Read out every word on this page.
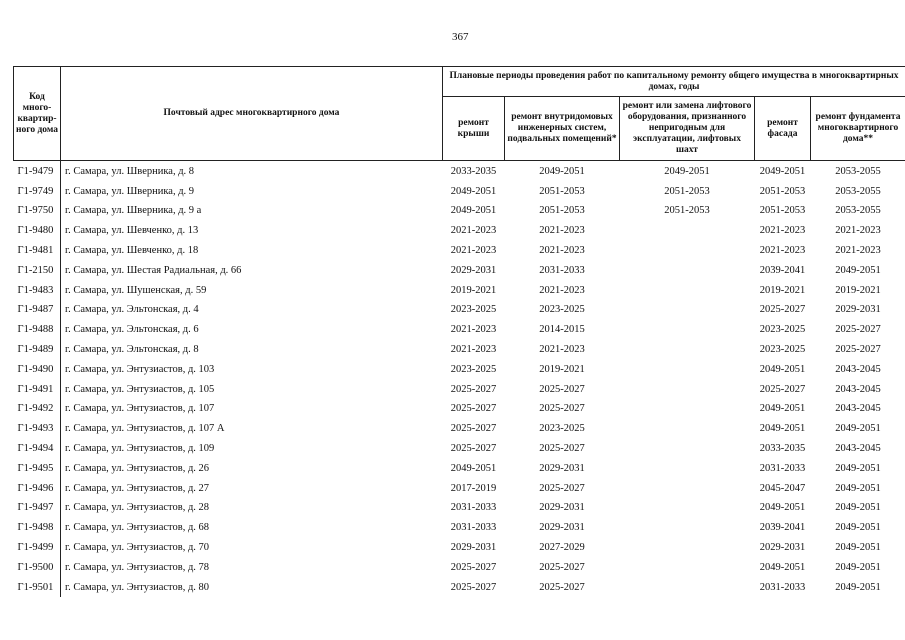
367
Код много-квартир-ного дома	Почтовый адрес многоквартирного дома	Плановые периоды проведения работ по капитальному ремонту общего имущества в многоквартирных домах, годы				
		ремонт крыши	ремонт внутридомовых инженерных систем, подвальных помещений*	ремонт или замена лифтового оборудования, признанного непригодным для эксплуатации, лифтовых шахт	ремонт фасада	ремонт фундамента многоквартирного дома**
Г1-9479	г. Самара, ул. Шверника, д. 8	2033-2035	2049-2051	2049-2051	2049-2051	2053-2055
Г1-9749	г. Самара, ул. Шверника, д. 9	2049-2051	2051-2053	2051-2053	2051-2053	2053-2055
Г1-9750	г. Самара, ул. Шверника, д. 9 а	2049-2051	2051-2053	2051-2053	2051-2053	2053-2055
Г1-9480	г. Самара, ул. Шевченко, д. 13	2021-2023	2021-2023		2021-2023	2021-2023
Г1-9481	г. Самара, ул. Шевченко, д. 18	2021-2023	2021-2023		2021-2023	2021-2023
Г1-2150	г. Самара, ул. Шестая Радиальная, д. 66	2029-2031	2031-2033		2039-2041	2049-2051
Г1-9483	г. Самара, ул. Шушенская, д. 59	2019-2021	2021-2023		2019-2021	2019-2021
Г1-9487	г. Самара, ул. Эльтонская, д. 4	2023-2025	2023-2025		2025-2027	2029-2031
Г1-9488	г. Самара, ул. Эльтонская, д. 6	2021-2023	2014-2015		2023-2025	2025-2027
Г1-9489	г. Самара, ул. Эльтонская, д. 8	2021-2023	2021-2023		2023-2025	2025-2027
Г1-9490	г. Самара, ул. Энтузиастов, д. 103	2023-2025	2019-2021		2049-2051	2043-2045
Г1-9491	г. Самара, ул. Энтузиастов, д. 105	2025-2027	2025-2027		2025-2027	2043-2045
Г1-9492	г. Самара, ул. Энтузиастов, д. 107	2025-2027	2025-2027		2049-2051	2043-2045
Г1-9493	г. Самара, ул. Энтузиастов, д. 107 А	2025-2027	2023-2025		2049-2051	2049-2051
Г1-9494	г. Самара, ул. Энтузиастов, д. 109	2025-2027	2025-2027		2033-2035	2043-2045
Г1-9495	г. Самара, ул. Энтузиастов, д. 26	2049-2051	2029-2031		2031-2033	2049-2051
Г1-9496	г. Самара, ул. Энтузиастов, д. 27	2017-2019	2025-2027		2045-2047	2049-2051
Г1-9497	г. Самара, ул. Энтузиастов, д. 28	2031-2033	2029-2031		2049-2051	2049-2051
Г1-9498	г. Самара, ул. Энтузиастов, д. 68	2031-2033	2029-2031		2039-2041	2049-2051
Г1-9499	г. Самара, ул. Энтузиастов, д. 70	2029-2031	2027-2029		2029-2031	2049-2051
Г1-9500	г. Самара, ул. Энтузиастов, д. 78	2025-2027	2025-2027		2049-2051	2049-2051
Г1-9501	г. Самара, ул. Энтузиастов, д. 80	2025-2027	2025-2027		2031-2033	2049-2051
